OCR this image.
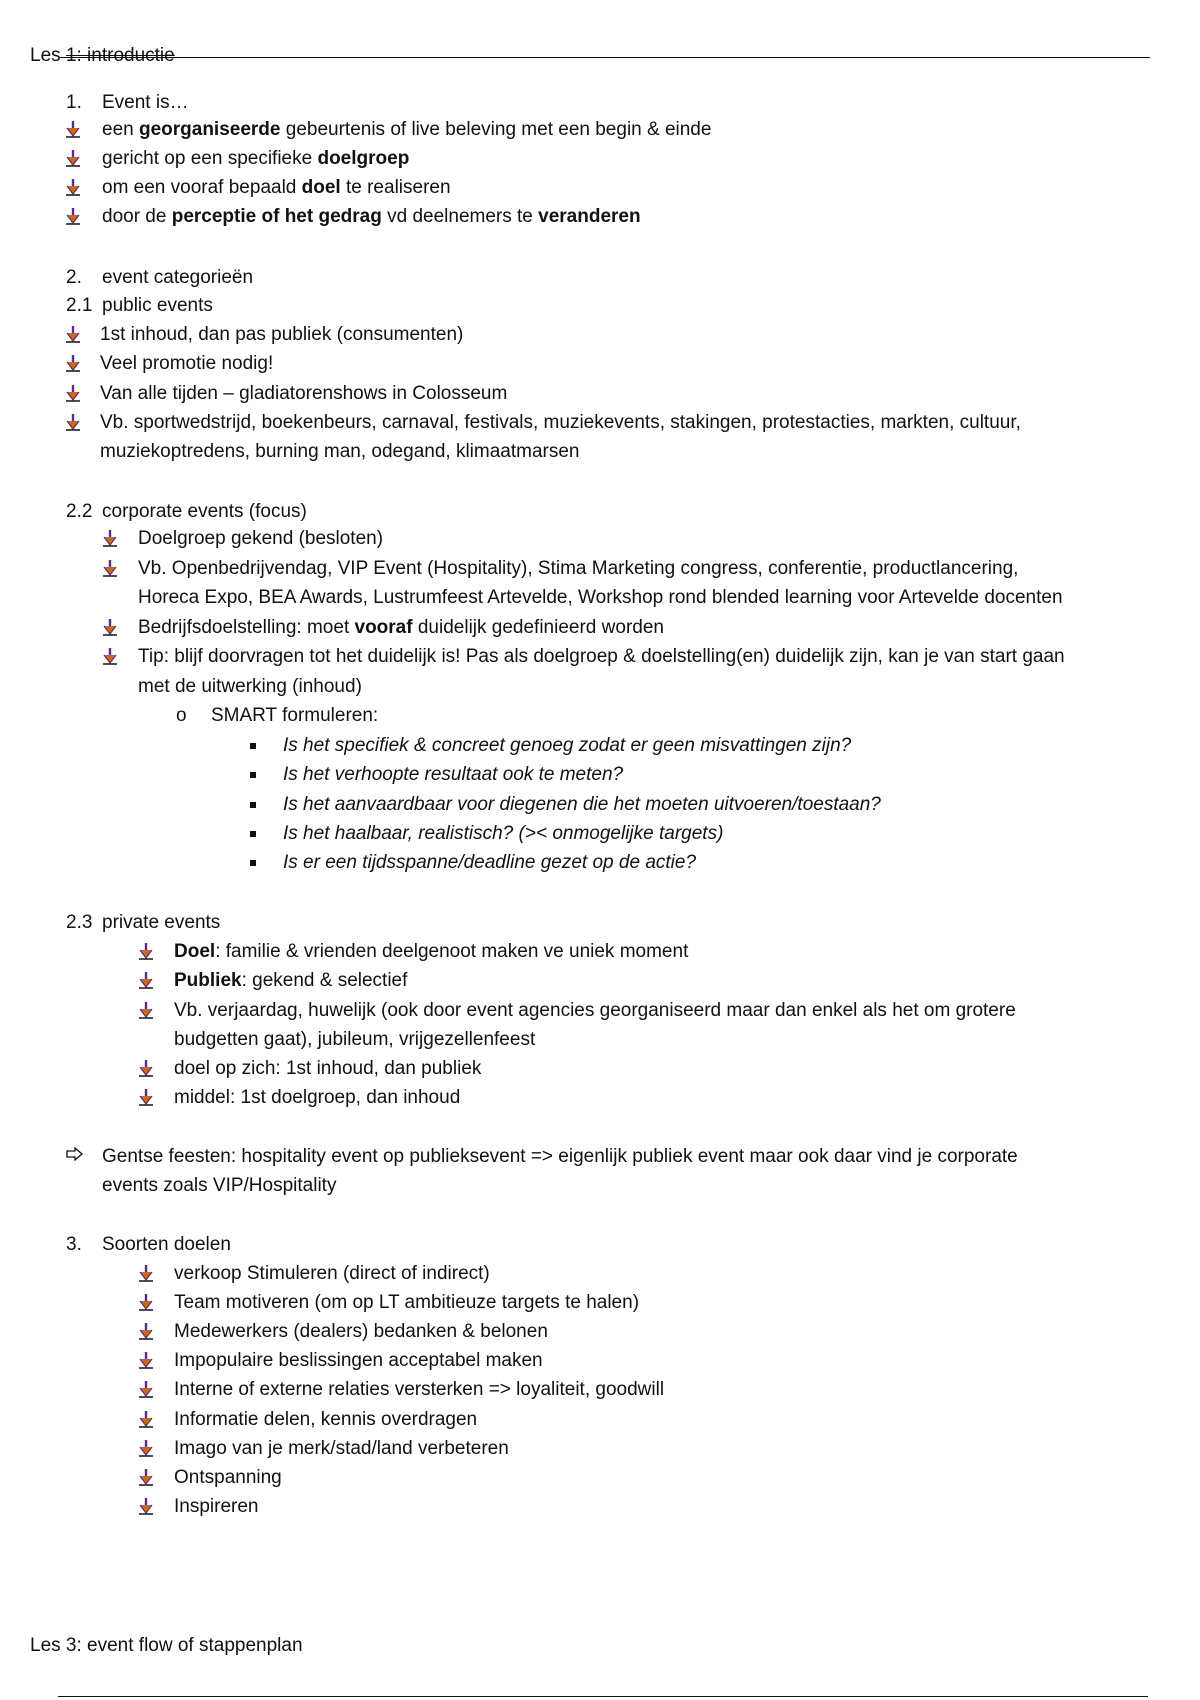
Les 1: introductie
1. Event is…
een georganiseerde gebeurtenis of live beleving met een begin & einde
gericht op een specifieke doelgroep
om een vooraf bepaald doel te realiseren
door de perceptie of het gedrag vd deelnemers te veranderen
2. event categorieën
2.1 public events
1st inhoud, dan pas publiek (consumenten)
Veel promotie nodig!
Van alle tijden – gladiatorenshows in Colosseum
Vb. sportwedstrijd, boekenbeurs, carnaval, festivals, muziekevents, stakingen, protestacties, markten, cultuur,
muziekoptredens, burning man, odegand, klimaatmarsen
2.2 corporate events (focus)
Doelgroep gekend (besloten)
Vb. Openbedrijvendag, VIP Event (Hospitality), Stima Marketing congress, conferentie, productlancering,
Horeca Expo, BEA Awards, Lustrumfeest Artevelde, Workshop rond blended learning voor Artevelde docenten
Bedrijfsdoelstelling: moet vooraf duidelijk gedefinieerd worden
Tip: blijf doorvragen tot het duidelijk is! Pas als doelgroep & doelstelling(en) duidelijk zijn, kan je van start gaan
met de uitwerking (inhoud)
o SMART formuleren:
Is het specifiek & concreet genoeg zodat er geen misvattingen zijn?
Is het verhoopte resultaat ook te meten?
Is het aanvaardbaar voor diegenen die het moeten uitvoeren/toestaan?
Is het haalbaar, realistisch? (>< onmogelijke targets)
Is er een tijdsspanne/deadline gezet op de actie?
2.3 private events
Doel: familie & vrienden deelgenoot maken ve uniek moment
Publiek: gekend & selectief
Vb. verjaardag, huwelijk (ook door event agencies georganiseerd maar dan enkel als het om grotere
budgetten gaat), jubileum, vrijgezellenfeest
doel op zich: 1st inhoud, dan publiek
middel: 1st doelgroep, dan inhoud
Gentse feesten: hospitality event op publieksevent => eigenlijk publiek event maar ook daar vind je corporate
events zoals VIP/Hospitality
3. Soorten doelen
verkoop Stimuleren (direct of indirect)
Team motiveren (om op LT ambitieuze targets te halen)
Medewerkers (dealers) bedanken & belonen
Impopulaire beslissingen acceptabel maken
Interne of externe relaties versterken => loyaliteit, goodwill
Informatie delen, kennis overdragen
Imago van je merk/stad/land verbeteren
Ontspanning
Inspireren
Les 3: event flow of stappenplan
